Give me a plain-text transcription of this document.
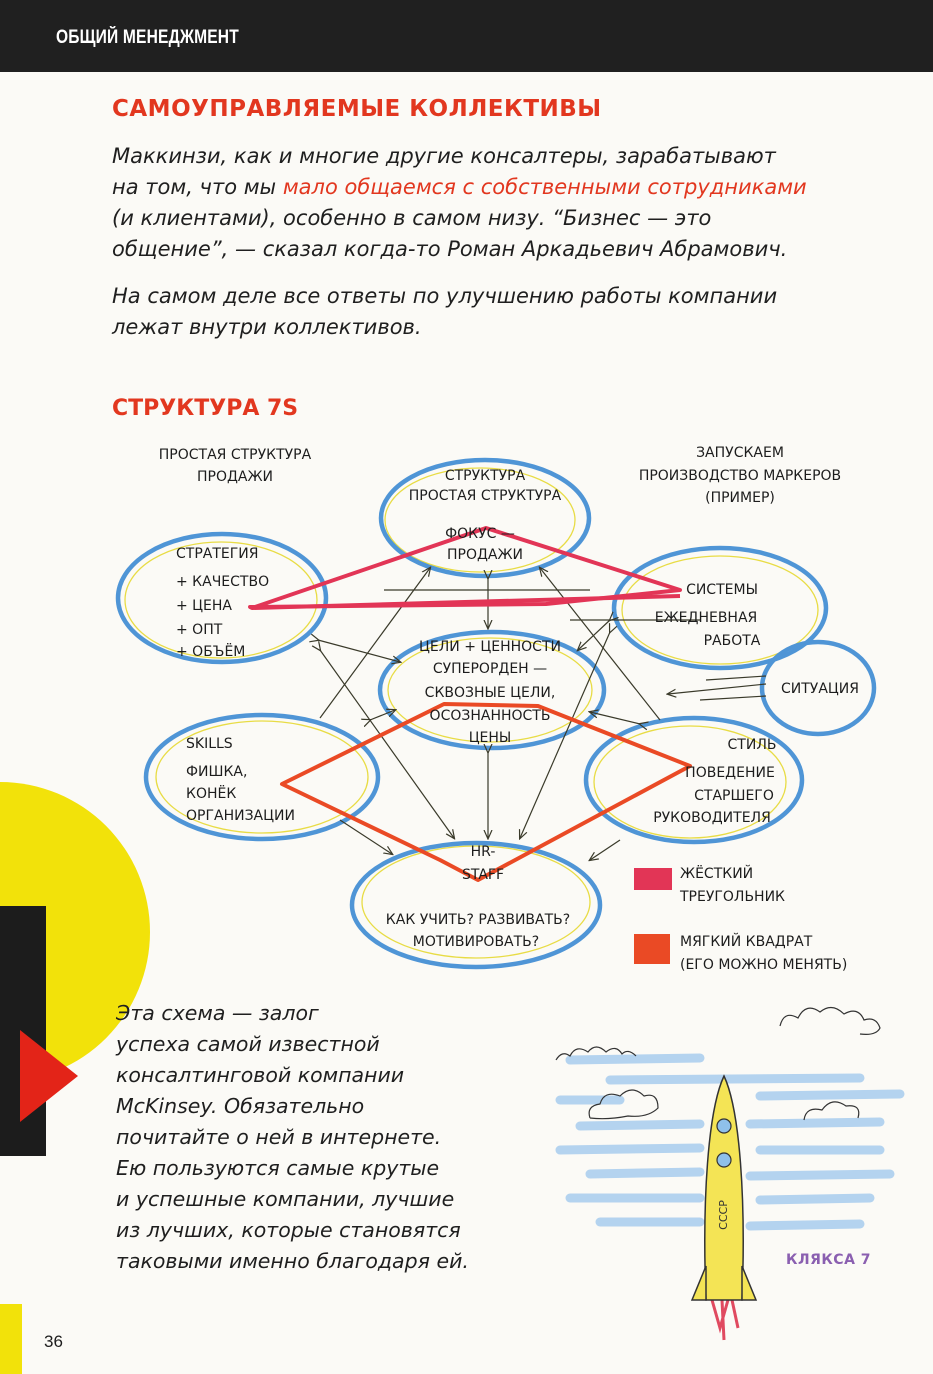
ОБЩИЙ МЕНЕДЖМЕНТ
САМОУПРАВЛЯЕМЫЕ КОЛЛЕКТИВЫ
Маккинзи, как и многие другие консалтеры, зарабатывают
на том, что мы мало общаемся с собственными сотрудниками
(и клиентами), особенно в самом низу. “Бизнес — это
общение”, — сказал когда-то Роман Аркадьевич Абрамович.
На самом деле все ответы по улучшению работы компании
лежат внутри коллективов.
СТРУКТУРА 7S
ПРОСТАЯ СТРУКТУРА
ПРОДАЖИ
ЗАПУСКАЕМ
ПРОИЗВОДСТВО МАРКЕРОВ
(ПРИМЕР)
СТРУКТУРА
ПРОСТАЯ СТРУКТУРА
ФОКУС —
ПРОДАЖИ
СТРАТЕГИЯ
+ КАЧЕСТВО
+ ЦЕНА
+ ОПТ
+ ОБЪЁМ
СИСТЕМЫ
ЕЖЕДНЕВНАЯ
РАБОТА
ЦЕЛИ + ЦЕННОСТИ
СУПЕРОРДЕН —
СКВОЗНЫЕ ЦЕЛИ,
ОСОЗНАННОСТЬ
ЦЕНЫ
СИТУАЦИЯ
SKILLS
ФИШКА,
КОНЁК
ОРГАНИЗАЦИИ
СТИЛЬ
ПОВЕДЕНИЕ
СТАРШЕГО
РУКОВОДИТЕЛЯ
HR-
STAFF
КАК УЧИТЬ? РАЗВИВАТЬ?
МОТИВИРОВАТЬ?
ЖЁСТКИЙ
ТРЕУГОЛЬНИК
МЯГКИЙ КВАДРАТ
(ЕГО МОЖНО МЕНЯТЬ)
СССР
Эта схема — залог
успеха самой известной
консалтинговой компании
McKinsey. Обязательно
почитайте о ней в интернете.
Ею пользуются самые крутые
и успешные компании, лучшие
из лучших, которые становятся
таковыми именно благодаря ей.	КЛЯКСА 7
36
